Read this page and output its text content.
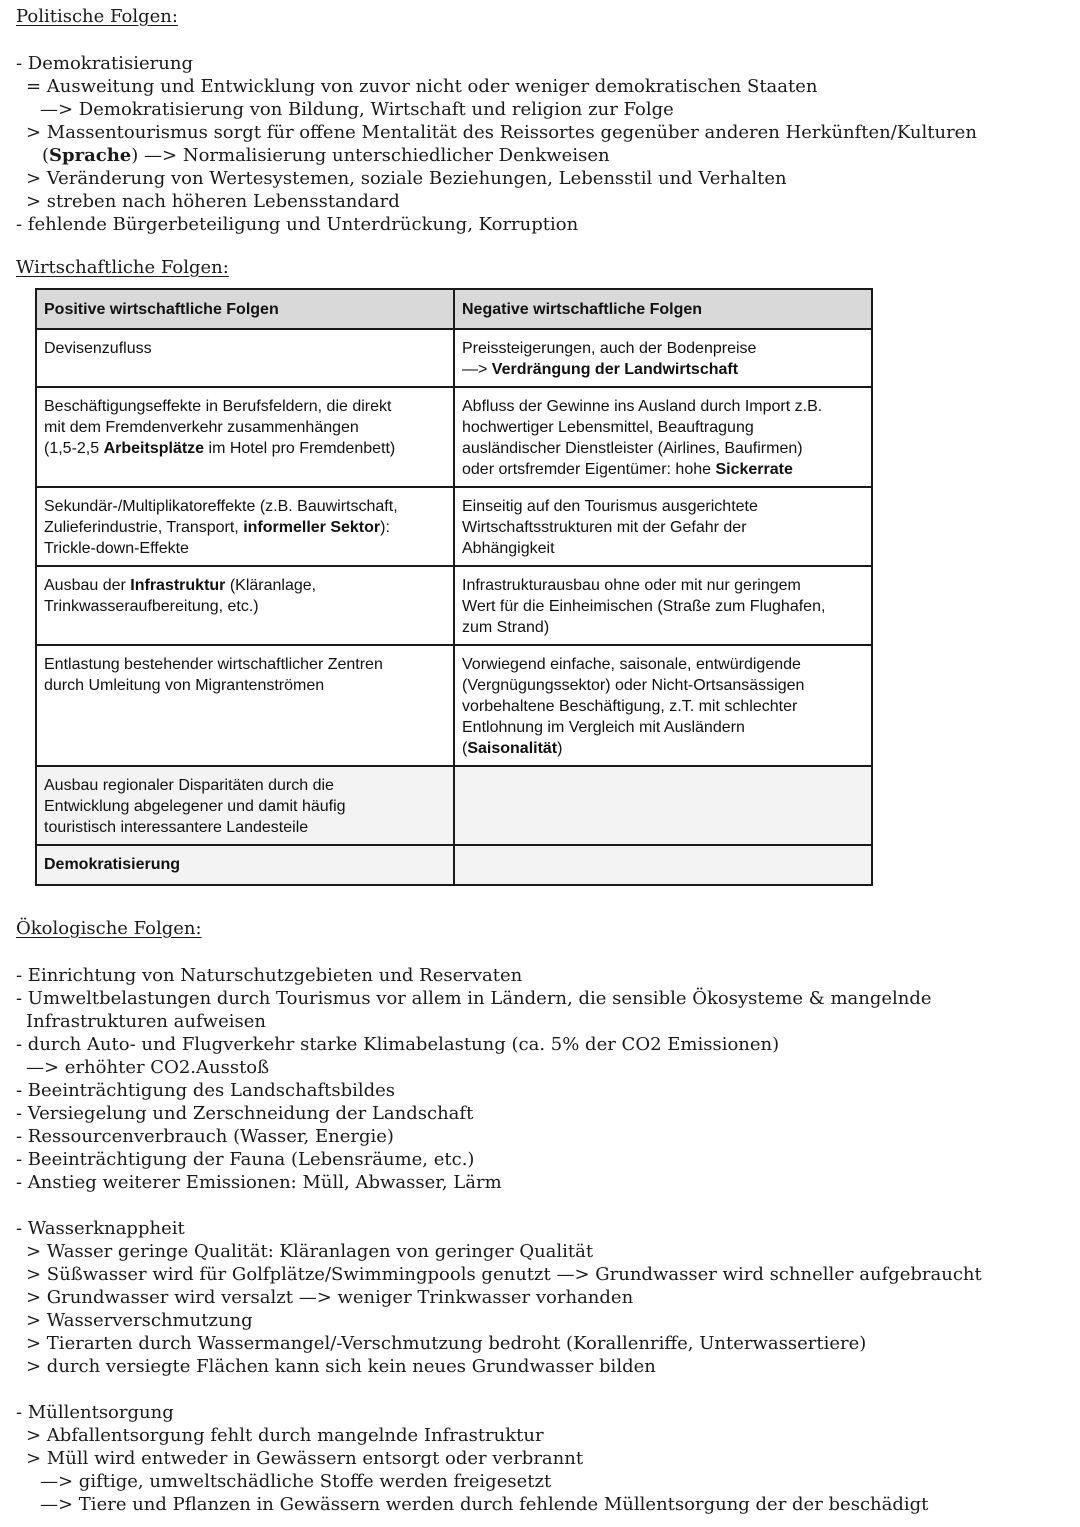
Politische Folgen:
- Demokratisierung
= Ausweitung und Entwicklung von zuvor nicht oder weniger demokratischen Staaten
—> Demokratisierung von Bildung, Wirtschaft und religion zur Folge
> Massentourismus sorgt für offene Mentalität des Reissortes gegenüber anderen Herkünften/Kulturen
(Sprache) —> Normalisierung unterschiedlicher Denkweisen
> Veränderung von Wertesystemen, soziale Beziehungen, Lebensstil und Verhalten
> streben nach höheren Lebensstandard
- fehlende Bürgerbeteiligung und Unterdrückung, Korruption
Wirtschaftliche Folgen:
Positive wirtschaftliche Folgen	Negative wirtschaftliche Folgen

Devisenzufluss	Preissteigerungen, auch der Bodenpreise
—> Verdrängung der Landwirtschaft

Beschäftigungseffekte in Berufsfeldern, die direkt
mit dem Fremdenverkehr zusammenhängen
(1,5-2,5 Arbeitsplätze im Hotel pro Fremdenbett)	Abfluss der Gewinne ins Ausland durch Import z.B.
hochwertiger Lebensmittel, Beauftragung
ausländischer Dienstleister (Airlines, Baufirmen)
oder ortsfremder Eigentümer: hohe Sickerrate

Sekundär-/Multiplikatoreffekte (z.B. Bauwirtschaft,
Zulieferindustrie, Transport, informeller Sektor):
Trickle-down-Effekte	Einseitig auf den Tourismus ausgerichtete
Wirtschaftsstrukturen mit der Gefahr der
Abhängigkeit

Ausbau der Infrastruktur (Kläranlage,
Trinkwasseraufbereitung, etc.)	Infrastrukturausbau ohne oder mit nur geringem
Wert für die Einheimischen (Straße zum Flughafen,
zum Strand)

Entlastung bestehender wirtschaftlicher Zentren
durch Umleitung von Migrantenströmen	Vorwiegend einfache, saisonale, entwürdigende
(Vergnügungssektor) oder Nicht-Ortsansässigen
vorbehaltene Beschäftigung, z.T. mit schlechter
Entlohnung im Vergleich mit Ausländern
(Saisonalität)

Ausbau regionaler Disparitäten durch die
Entwicklung abgelegener und damit häufig
touristisch interessantere Landesteile	

Demokratisierung	

Ökologische Folgen:
- Einrichtung von Naturschutzgebieten und Reservaten
- Umweltbelastungen durch Tourismus vor allem in Ländern, die sensible Ökosysteme & mangelnde
Infrastrukturen aufweisen
- durch Auto- und Flugverkehr starke Klimabelastung (ca. 5% der CO2 Emissionen)
—> erhöhter CO2.Ausstoß
- Beeinträchtigung des Landschaftsbildes
- Versiegelung und Zerschneidung der Landschaft
- Ressourcenverbrauch (Wasser, Energie)
- Beeinträchtigung der Fauna (Lebensräume, etc.)
- Anstieg weiterer Emissionen: Müll, Abwasser, Lärm
- Wasserknappheit
> Wasser geringe Qualität: Kläranlagen von geringer Qualität
> Süßwasser wird für Golfplätze/Swimmingpools genutzt —> Grundwasser wird schneller aufgebraucht
> Grundwasser wird versalzt —> weniger Trinkwasser vorhanden
> Wasserverschmutzung
> Tierarten durch Wassermangel/-Verschmutzung bedroht (Korallenriffe, Unterwassertiere)
> durch versiegte Flächen kann sich kein neues Grundwasser bilden
- Müllentsorgung
> Abfallentsorgung fehlt durch mangelnde Infrastruktur
> Müll wird entweder in Gewässern entsorgt oder verbrannt
—> giftige, umweltschädliche Stoffe werden freigesetzt
—> Tiere und Pflanzen in Gewässern werden durch fehlende Müllentsorgung der der beschädigt
